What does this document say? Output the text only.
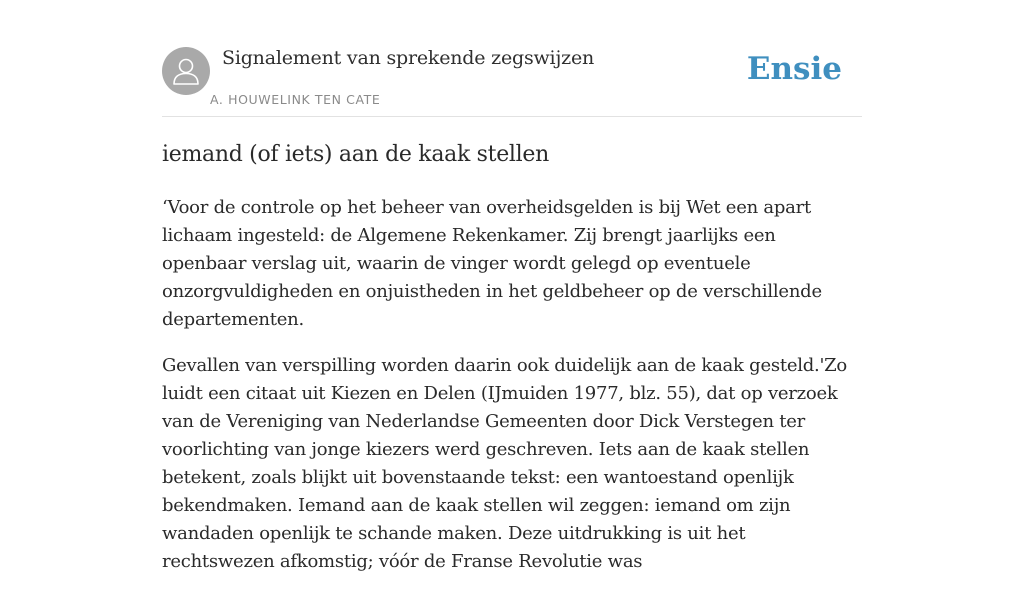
Signalement van sprekende zegswijzen
A. HOUWELINK TEN CATE
Ensie
iemand (of iets) aan de kaak stellen

‘Voor de controle op het beheer van overheidsgelden is bij Wet een apart lichaam ingesteld: de Algemene Rekenkamer. Zij brengt jaarlijks een openbaar verslag uit, waarin de vinger wordt gelegd op eventuele onzorgvuldigheden en onjuistheden in het geldbeheer op de verschillende departementen.

Gevallen van verspilling worden daarin ook duidelijk aan de kaak gesteld.'Zo luidt een citaat uit Kiezen en Delen (IJmuiden 1977, blz. 55), dat op verzoek van de Vereniging van Nederlandse Gemeenten door Dick Verstegen ter voorlichting van jonge kiezers werd geschreven. Iets aan de kaak stellen betekent, zoals blijkt uit bovenstaande tekst: een wantoestand openlijk bekendmaken. Iemand aan de kaak stellen wil zeggen: iemand om zijn wandaden openlijk te schande maken. Deze uitdrukking is uit het rechtswezen afkomstig; vóór de Franse Revolutie was
